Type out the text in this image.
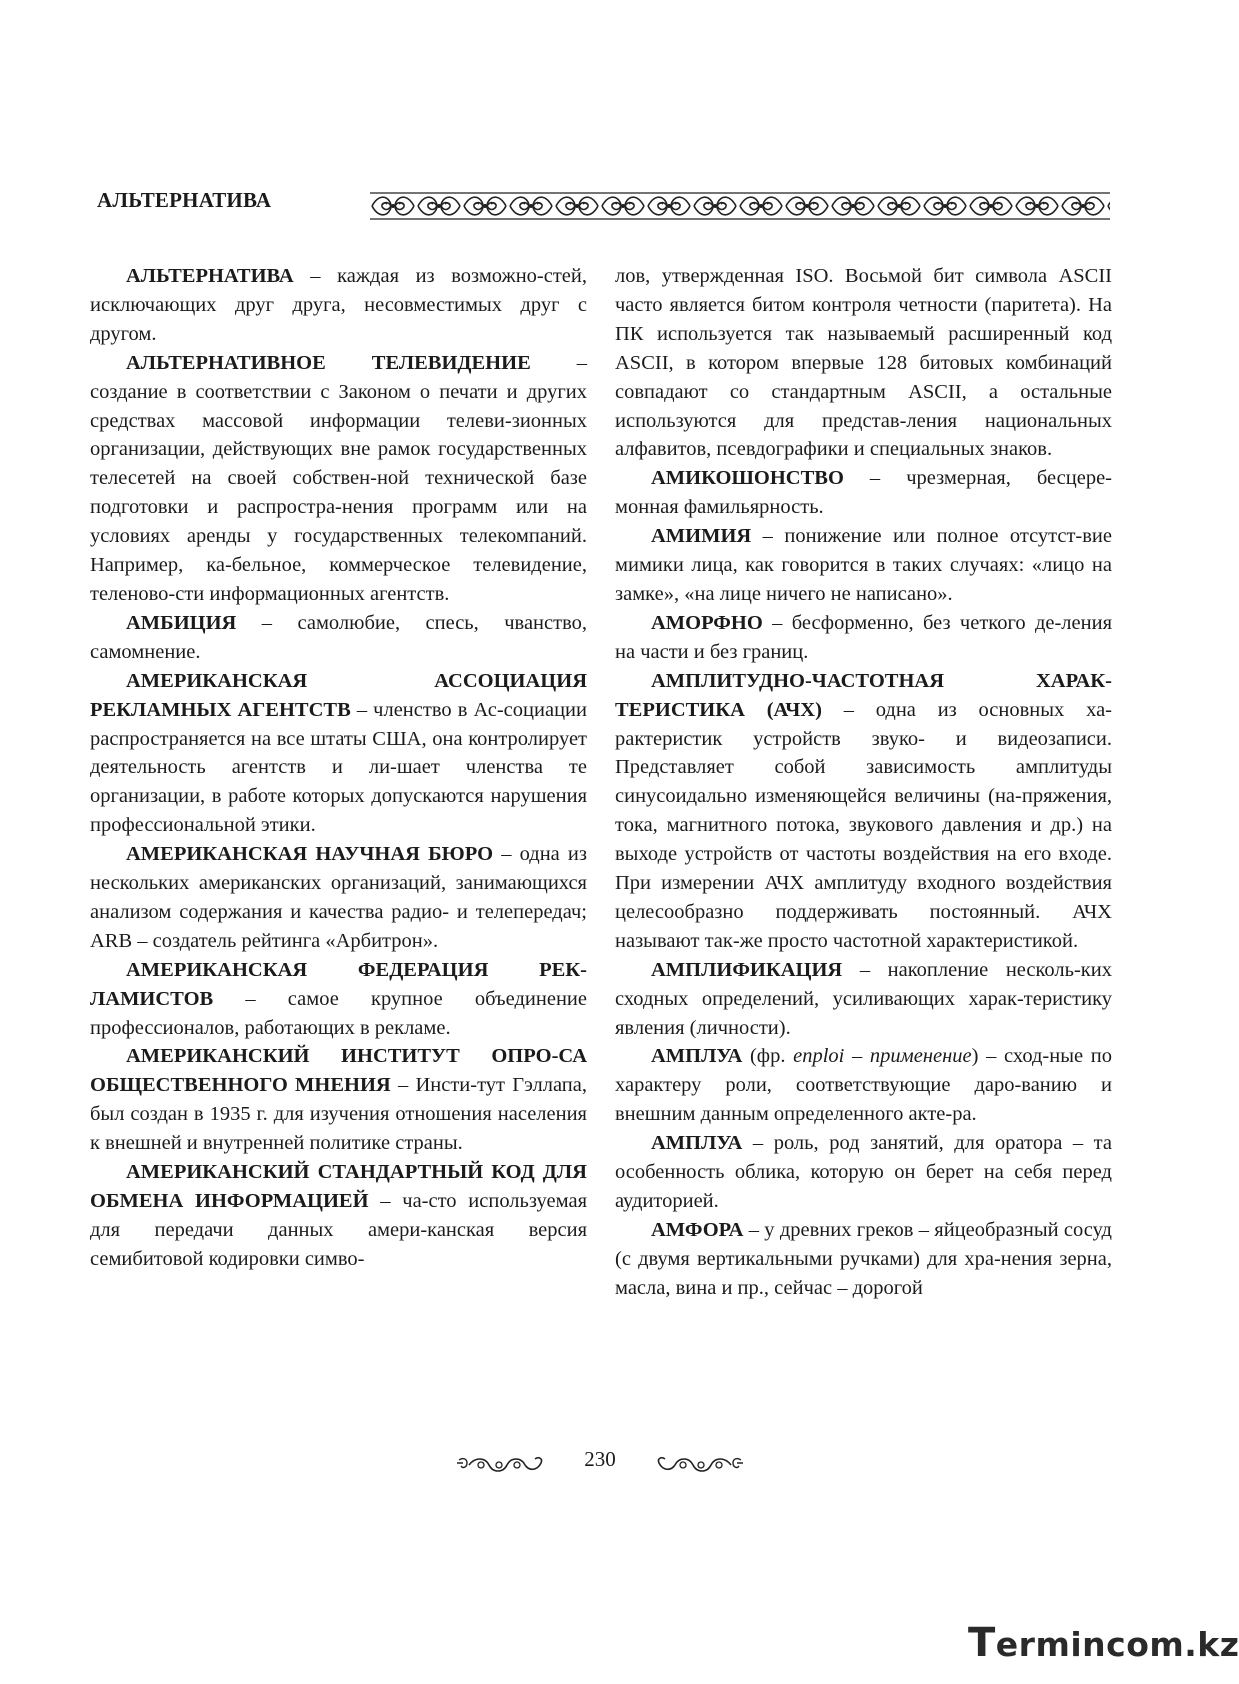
АЛЬТЕРНАТИВА

АЛЬТЕРНАТИВА – каждая из возможно-стей, исключающих друг друга, несовместимых друг с другом.

АЛЬТЕРНАТИВНОЕ ТЕЛЕВИДЕНИЕ – создание в соответствии с Законом о печати и других средствах массовой информации телеви-зионных организации, действующих вне рамок государственных телесетей на своей собствен-ной технической базе подготовки и распростра-нения программ или на условиях аренды у государственных телекомпаний. Например, ка-бельное, коммерческое телевидение, теленово-сти информационных агентств.

АМБИЦИЯ – самолюбие, спесь, чванство, самомнение.

АМЕРИКАНСКАЯ АССОЦИАЦИЯ РЕКЛАМНЫХ АГЕНТСТВ – членство в Ас-социации распространяется на все штаты США, она контролирует деятельность агентств и ли-шает членства те организации, в работе которых допускаются нарушения профессиональной этики.

АМЕРИКАНСКАЯ НАУЧНАЯ БЮРО – одна из нескольких американских организаций, занимающихся анализом содержания и качества радио- и телепередач; ARB – создатель рейтинга «Арбитрон».

АМЕРИКАНСКАЯ ФЕДЕРАЦИЯ РЕК-ЛАМИСТОВ – самое крупное объединение профессионалов, работающих в рекламе.

АМЕРИКАНСКИЙ ИНСТИТУТ ОПРО-СА ОБЩЕСТВЕННОГО МНЕНИЯ – Инсти-тут Гэллапа, был создан в 1935 г. для изучения отношения населения к внешней и внутренней политике страны.

АМЕРИКАНСКИЙ СТАНДАРТНЫЙ КОД ДЛЯ ОБМЕНА ИНФОРМАЦИЕЙ – ча-сто используемая для передачи данных амери-канская версия семибитовой кодировки симво-

лов, утвержденная ISO. Восьмой бит символа ASCII часто является битом контроля четности (паритета). На ПК используется так называемый расширенный код ASCII, в котором впервые 128 битовых комбинаций совпадают со стандартным ASCII, а остальные используются для представ-ления национальных алфавитов, псевдографики и специальных знаков.

АМИКОШОНСТВО – чрезмерная, бесцере-монная фамильярность.

АМИМИЯ – понижение или полное отсутст-вие мимики лица, как говорится в таких случаях: «лицо на замке», «на лице ничего не написано».

АМОРФНО – бесформенно, без четкого де-ления на части и без границ.

АМПЛИТУДНО-ЧАСТОТНАЯ ХАРАК-ТЕРИСТИКА (АЧХ) – одна из основных ха-рактеристик устройств звуко- и видеозаписи. Представляет собой зависимость амплитуды синусоидально изменяющейся величины (на-пряжения, тока, магнитного потока, звукового давления и др.) на выходе устройств от частоты воздействия на его входе. При измерении АЧХ амплитуду входного воздействия целесообразно поддерживать постоянный. АЧХ называют так-же просто частотной характеристикой.

АМПЛИФИКАЦИЯ – накопление несколь-ких сходных определений, усиливающих харак-теристику явления (личности).

АМПЛУА (фр. enploi – применение) – сход-ные по характеру роли, соответствующие даро-ванию и внешним данным определенного акте-ра.

АМПЛУА – роль, род занятий, для оратора – та особенность облика, которую он берет на себя перед аудиторией.

АМФОРА – у древних греков – яйцеобразный сосуд (с двумя вертикальными ручками) для хра-нения зерна, масла, вина и пр., сейчас – дорогой

230
Termincom.kz
